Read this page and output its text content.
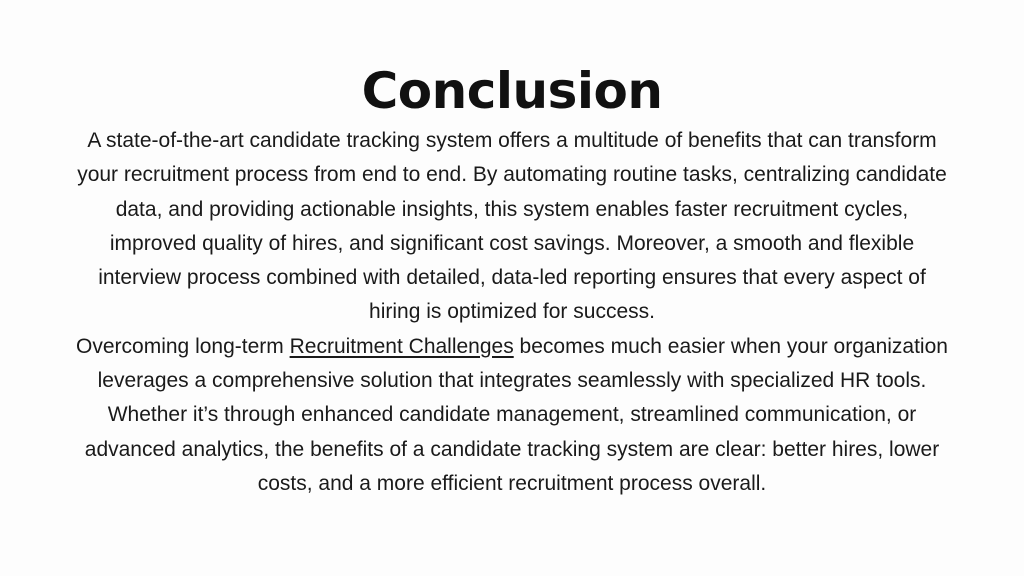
Conclusion
A state-of-the-art candidate tracking system offers a multitude of benefits that can transform your recruitment process from end to end. By automating routine tasks, centralizing candidate data, and providing actionable insights, this system enables faster recruitment cycles, improved quality of hires, and significant cost savings. Moreover, a smooth and flexible interview process combined with detailed, data-led reporting ensures that every aspect of hiring is optimized for success.
Overcoming long-term Recruitment Challenges becomes much easier when your organization leverages a comprehensive solution that integrates seamlessly with specialized HR tools. Whether it’s through enhanced candidate management, streamlined communication, or advanced analytics, the benefits of a candidate tracking system are clear: better hires, lower costs, and a more efficient recruitment process overall.
